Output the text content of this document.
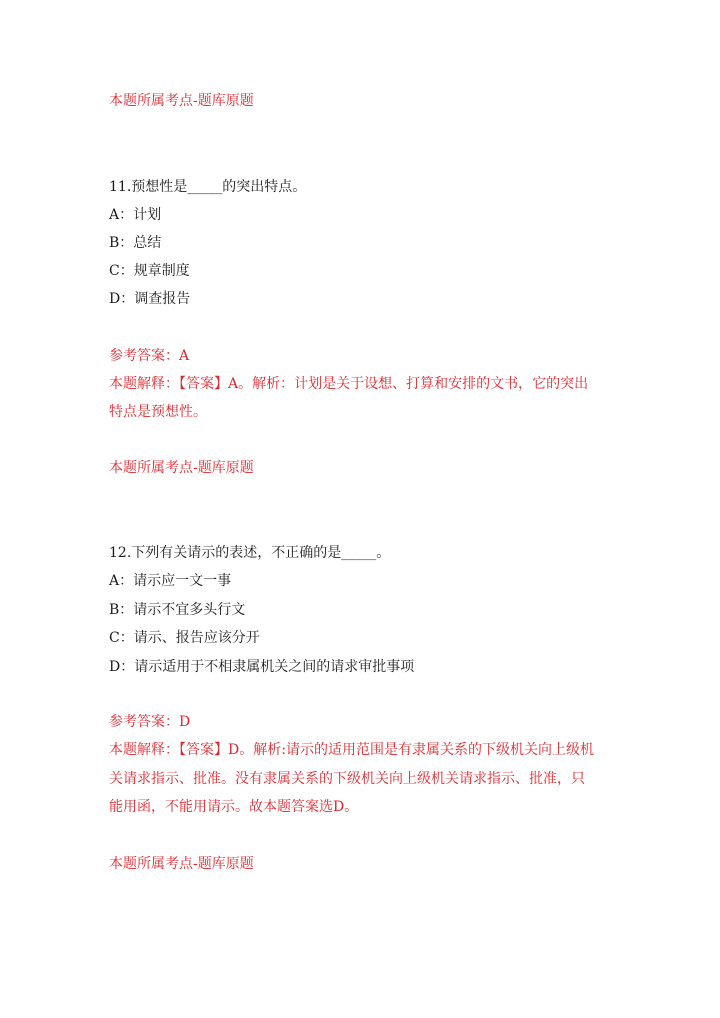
本题所属考点-题库原题
11.预想性是_____的突出特点。
A：计划
B：总结
C：规章制度
D：调查报告
参考答案：A
本题解释：【答案】A。解析：计划是关于设想、打算和安排的文书，它的突出
特点是预想性。
本题所属考点-题库原题
12.下列有关请示的表述，不正确的是_____。
A：请示应一文一事
B：请示不宜多头行文
C：请示、报告应该分开
D：请示适用于不相隶属机关之间的请求审批事项
参考答案：D
本题解释：【答案】D。解析:请示的适用范围是有隶属关系的下级机关向上级机
关请求指示、批准。没有隶属关系的下级机关向上级机关请求指示、批准，只
能用函，不能用请示。故本题答案选D。
本题所属考点-题库原题
